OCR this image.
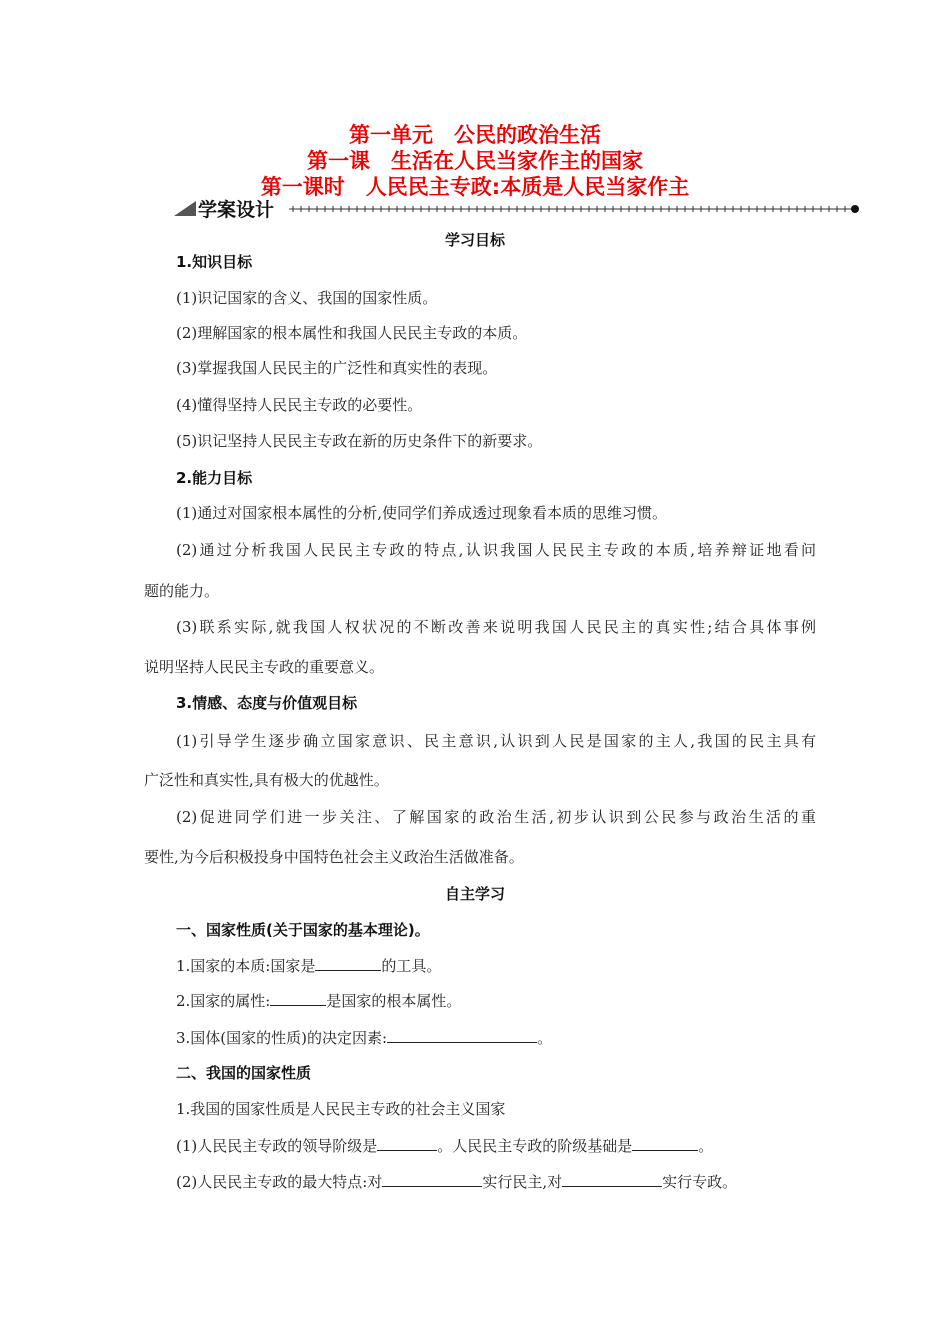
第一单元　公民的政治生活
第一课　生活在人民当家作主的国家
第一课时　人民民主专政:本质是人民当家作主
学案设计
学习目标
1.知识目标
(1)识记国家的含义、我国的国家性质。
(2)理解国家的根本属性和我国人民民主专政的本质。
(3)掌握我国人民民主的广泛性和真实性的表现。
(4)懂得坚持人民民主专政的必要性。
(5)识记坚持人民民主专政在新的历史条件下的新要求。
2.能力目标
(1)通过对国家根本属性的分析,使同学们养成透过现象看本质的思维习惯。
(2)通过分析我国人民民主专政的特点,认识我国人民民主专政的本质,培养辩证地看问
题的能力。
(3)联系实际,就我国人权状况的不断改善来说明我国人民民主的真实性;结合具体事例
说明坚持人民民主专政的重要意义。
3.情感、态度与价值观目标
(1)引导学生逐步确立国家意识、民主意识,认识到人民是国家的主人,我国的民主具有
广泛性和真实性,具有极大的优越性。
(2)促进同学们进一步关注、了解国家的政治生活,初步认识到公民参与政治生活的重
要性,为今后积极投身中国特色社会主义政治生活做准备。
自主学习
一、国家性质(关于国家的基本理论)。
1.国家的本质:国家是	的工具。
2.国家的属性:	是国家的根本属性。
3.国体(国家的性质)的决定因素:	。
二、我国的国家性质
1.我国的国家性质是人民民主专政的社会主义国家
(1)人民民主专政的领导阶级是	。人民民主专政的阶级基础是	。
(2)人民民主专政的最大特点:对	实行民主,对	实行专政。
